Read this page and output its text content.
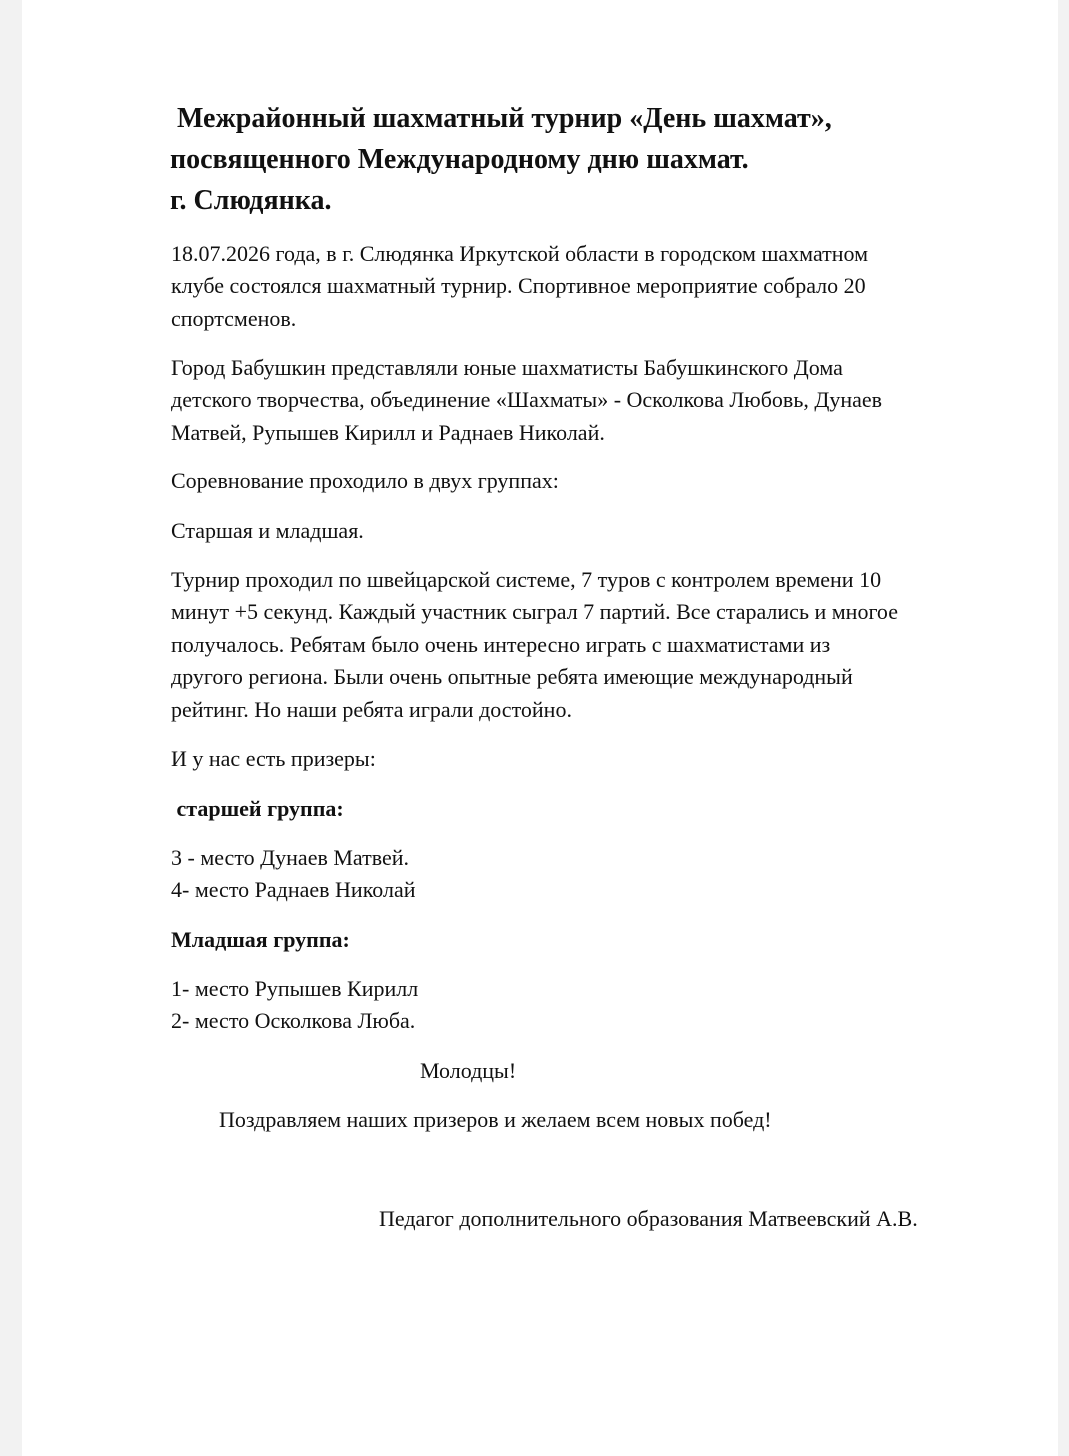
Межрайонный шахматный турнир «День шахмат»,
посвященного Международному дню шахмат.
г. Слюдянка.
18.07.2026 года, в г. Слюдянка Иркутской области в городском шахматном
клубе состоялся шахматный турнир. Спортивное мероприятие собрало 20
спортсменов.
Город Бабушкин представляли юные шахматисты Бабушкинского Дома
детского творчества, объединение «Шахматы» - Осколкова Любовь, Дунаев
Матвей, Рупышев Кирилл и Раднаев Николай.
Соревнование проходило в двух группах:
Старшая и младшая.
Турнир проходил по швейцарской системе, 7 туров с контролем времени 10
минут +5 секунд. Каждый участник сыграл 7 партий. Все старались и многое
получалось. Ребятам было очень интересно играть с шахматистами из
другого региона. Были очень опытные ребята имеющие международный
рейтинг. Но наши ребята играли достойно.
И у нас есть призеры:
старшей группа:
3 - место Дунаев Матвей.
4- место Раднаев Николай
Младшая группа:
1- место Рупышев Кирилл
2- место Осколкова Люба.
Молодцы!
Поздравляем наших призеров и желаем всем новых побед!
Педагог дополнительного образования Матвеевский А.В.
